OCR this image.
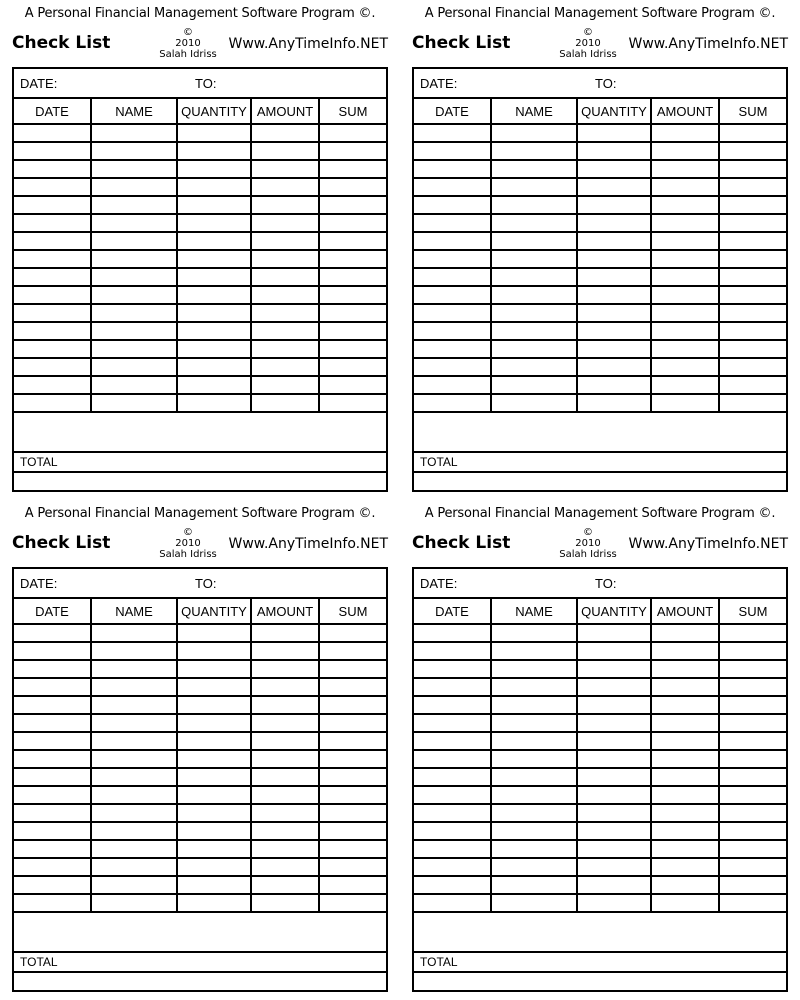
A Personal Financial Management Software Program ©.
Check List
©
2010
Salah Idriss
Www.AnyTimeInfo.NET
DATE:	TO:
DATE	NAME	QUANTITY	AMOUNT	SUM

TOTAL
A Personal Financial Management Software Program ©.
Check List
©
2010
Salah Idriss
Www.AnyTimeInfo.NET
DATE:	TO:
DATE	NAME	QUANTITY	AMOUNT	SUM

TOTAL
A Personal Financial Management Software Program ©.
Check List
©
2010
Salah Idriss
Www.AnyTimeInfo.NET
DATE:	TO:
DATE	NAME	QUANTITY	AMOUNT	SUM

TOTAL
A Personal Financial Management Software Program ©.
Check List
©
2010
Salah Idriss
Www.AnyTimeInfo.NET
DATE:	TO:
DATE	NAME	QUANTITY	AMOUNT	SUM

TOTAL
